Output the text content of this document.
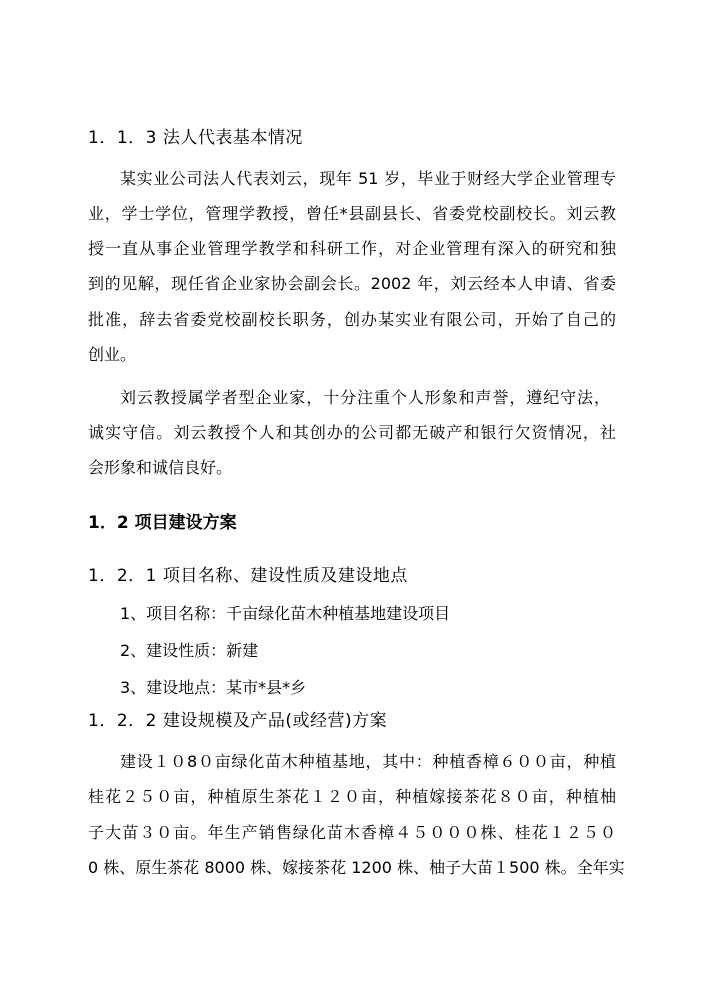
1．1．3 法人代表基本情况
某实业公司法人代表刘云，现年 51 岁，毕业于财经大学企业管理专
业，学士学位，管理学教授，曾任*县副县长、省委党校副校长。刘云教
授一直从事企业管理学教学和科研工作，对企业管理有深入的研究和独
到的见解，现任省企业家协会副会长。2002 年，刘云经本人申请、省委
批准，辞去省委党校副校长职务，创办某实业有限公司，开始了自己的
创业。
刘云教授属学者型企业家，十分注重个人形象和声誉，遵纪守法，
诚实守信。刘云教授个人和其创办的公司都无破产和银行欠资情况，社
会形象和诚信良好。
1．2 项目建设方案
1．2．1 项目名称、建设性质及建设地点
1、项目名称：千亩绿化苗木种植基地建设项目
2、建设性质：新建
3、建设地点：某市*县*乡
1．2．2 建设规模及产品(或经营)方案
建设１０8０亩绿化苗木种植基地，其中：种植香樟６００亩，种植
桂花２５０亩，种植原生茶花１２０亩，种植嫁接茶花８０亩，种植柚
子大苗３０亩。年生产销售绿化苗木香樟４５０００株、桂花１２５０
0 株、原生茶花 8000 株、嫁接茶花 1200 株、柚子大苗１500 株。全年实
